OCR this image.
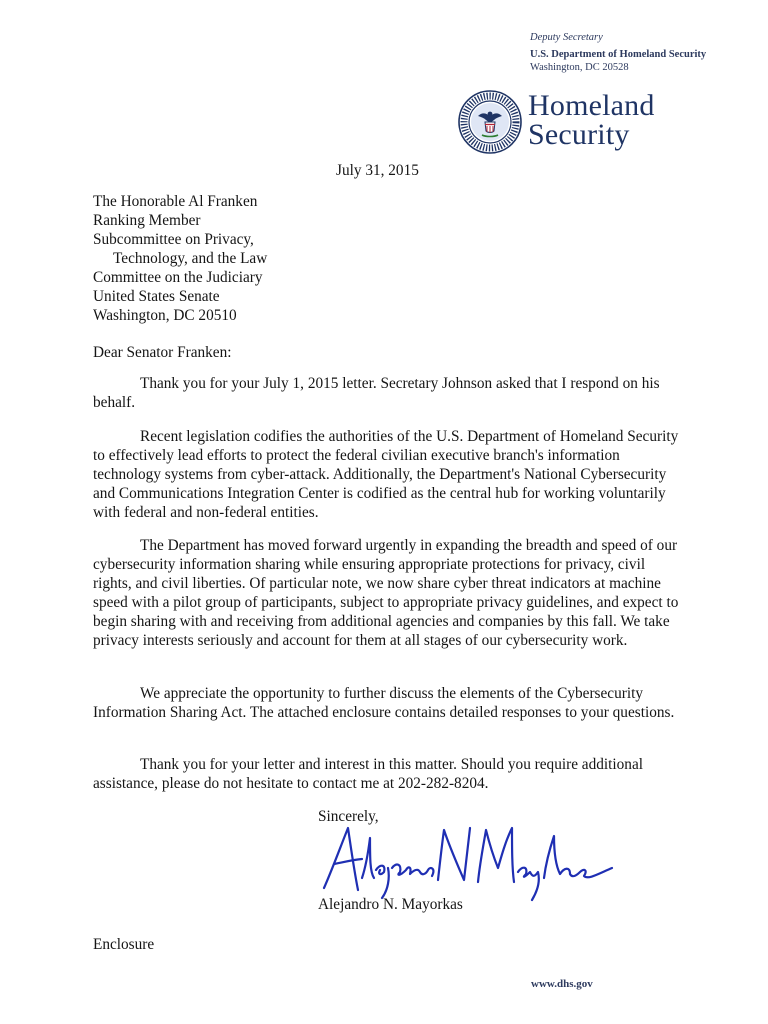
Deputy Secretary
U.S. Department of Homeland Security
Washington, DC 20528
Homeland
Security
July 31, 2015
The Honorable Al Franken
Ranking Member
Subcommittee on Privacy,
Technology, and the Law
Committee on the Judiciary
United States Senate
Washington, DC 20510
Dear Senator Franken:

Thank you for your July 1, 2015 letter. Secretary Johnson asked that I respond on his behalf.

Recent legislation codifies the authorities of the U.S. Department of Homeland Security to effectively lead efforts to protect the federal civilian executive branch's information technology systems from cyber-attack. Additionally, the Department's National Cybersecurity and Communications Integration Center is codified as the central hub for working voluntarily with federal and non-federal entities.

The Department has moved forward urgently in expanding the breadth and speed of our cybersecurity information sharing while ensuring appropriate protections for privacy, civil rights, and civil liberties. Of particular note, we now share cyber threat indicators at machine speed with a pilot group of participants, subject to appropriate privacy guidelines, and expect to begin sharing with and receiving from additional agencies and companies by this fall. We take privacy interests seriously and account for them at all stages of our cybersecurity work.

We appreciate the opportunity to further discuss the elements of the Cybersecurity Information Sharing Act. The attached enclosure contains detailed responses to your questions.

Thank you for your letter and interest in this matter. Should you require additional assistance, please do not hesitate to contact me at 202-282-8204.

Sincerely,
Alejandro N. Mayorkas
Enclosure
www.dhs.gov
